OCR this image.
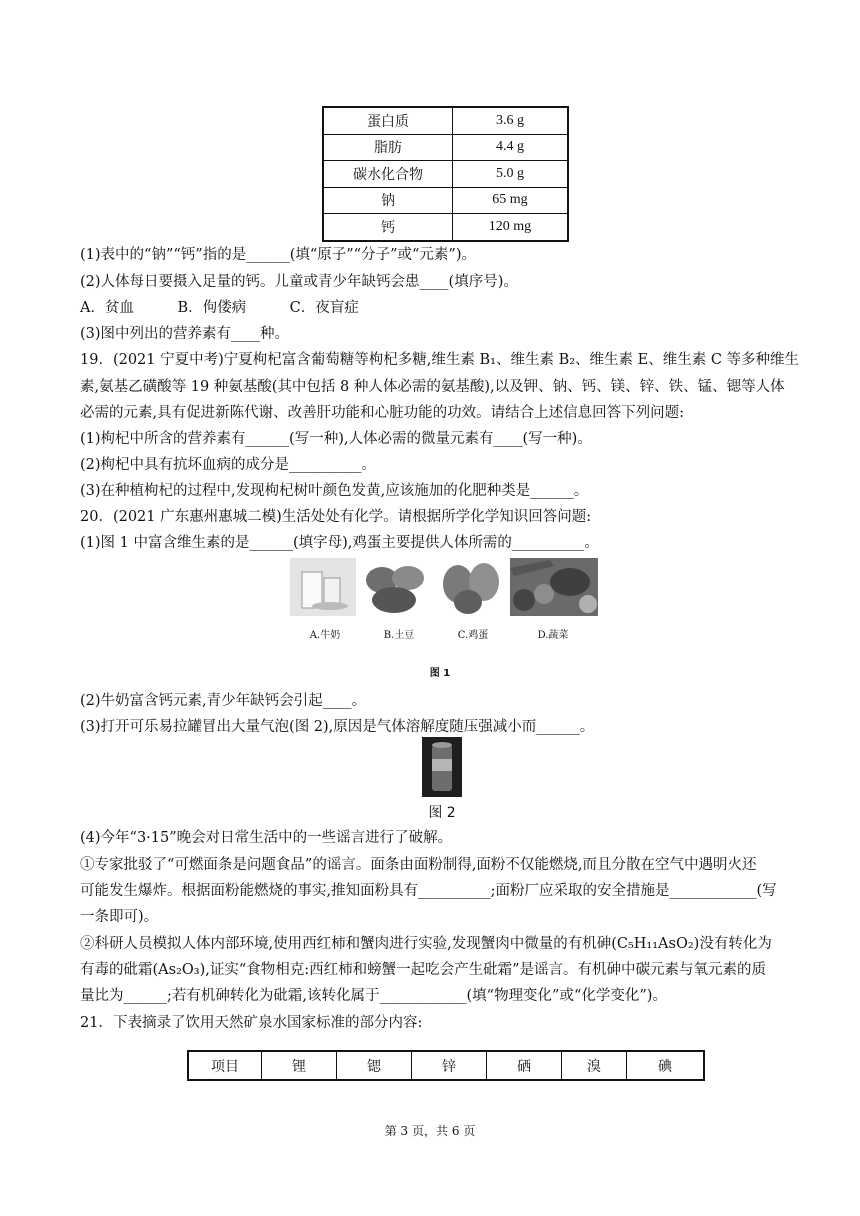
蛋白质	3.6 g
脂肪	4.4 g
碳水化合物	5.0 g
钠	65 mg
钙	120 mg
(1)表中的“钠”“钙”指的是______(填“原子”“分子”或“元素”)。
(2)人体每日要摄入足量的钙。儿童或青少年缺钙会患____(填序号)。
A．贫血　　　B．佝偻病　　　C．夜盲症
(3)图中列出的营养素有____种。
19．(2021 宁夏中考)宁夏枸杞富含葡萄糖等枸杞多糖,维生素 B₁、维生素 B₂、维生素 E、维生素 C 等多种维生
素,氨基乙磺酸等 19 种氨基酸(其中包括 8 种人体必需的氨基酸),以及钾、钠、钙、镁、锌、铁、锰、锶等人体
必需的元素,具有促进新陈代谢、改善肝功能和心脏功能的功效。请结合上述信息回答下列问题:
(1)枸杞中所含的营养素有______(写一种),人体必需的微量元素有____(写一种)。
(2)枸杞中具有抗坏血病的成分是__________。
(3)在种植枸杞的过程中,发现枸杞树叶颜色发黄,应该施加的化肥种类是______。
20．(2021 广东惠州惠城二模)生活处处有化学。请根据所学化学知识回答问题:
(1)图 1 中富含维生素的是______(填字母),鸡蛋主要提供人体所需的__________。
A.牛奶	B.土豆	C.鸡蛋	D.蔬菜
图 1
(2)牛奶富含钙元素,青少年缺钙会引起____。
(3)打开可乐易拉罐冒出大量气泡(图 2),原因是气体溶解度随压强减小而______。
图 2
(4)今年“3·15”晚会对日常生活中的一些谣言进行了破解。
①专家批驳了“可燃面条是问题食品”的谣言。面条由面粉制得,面粉不仅能燃烧,而且分散在空气中遇明火还
可能发生爆炸。根据面粉能燃烧的事实,推知面粉具有__________;面粉厂应采取的安全措施是____________(写
一条即可)。
②科研人员模拟人体内部环境,使用西红柿和蟹肉进行实验,发现蟹肉中微量的有机砷(C₅H₁₁AsO₂)没有转化为
有毒的砒霜(As₂O₃),证实“食物相克:西红柿和螃蟹一起吃会产生砒霜”是谣言。有机砷中碳元素与氧元素的质
量比为______;若有机砷转化为砒霜,该转化属于____________(填“物理变化”或“化学变化”)。
21．下表摘录了饮用天然矿泉水国家标准的部分内容:
项目	锂	锶	锌	硒	溴	碘
第 3 页，共 6 页
